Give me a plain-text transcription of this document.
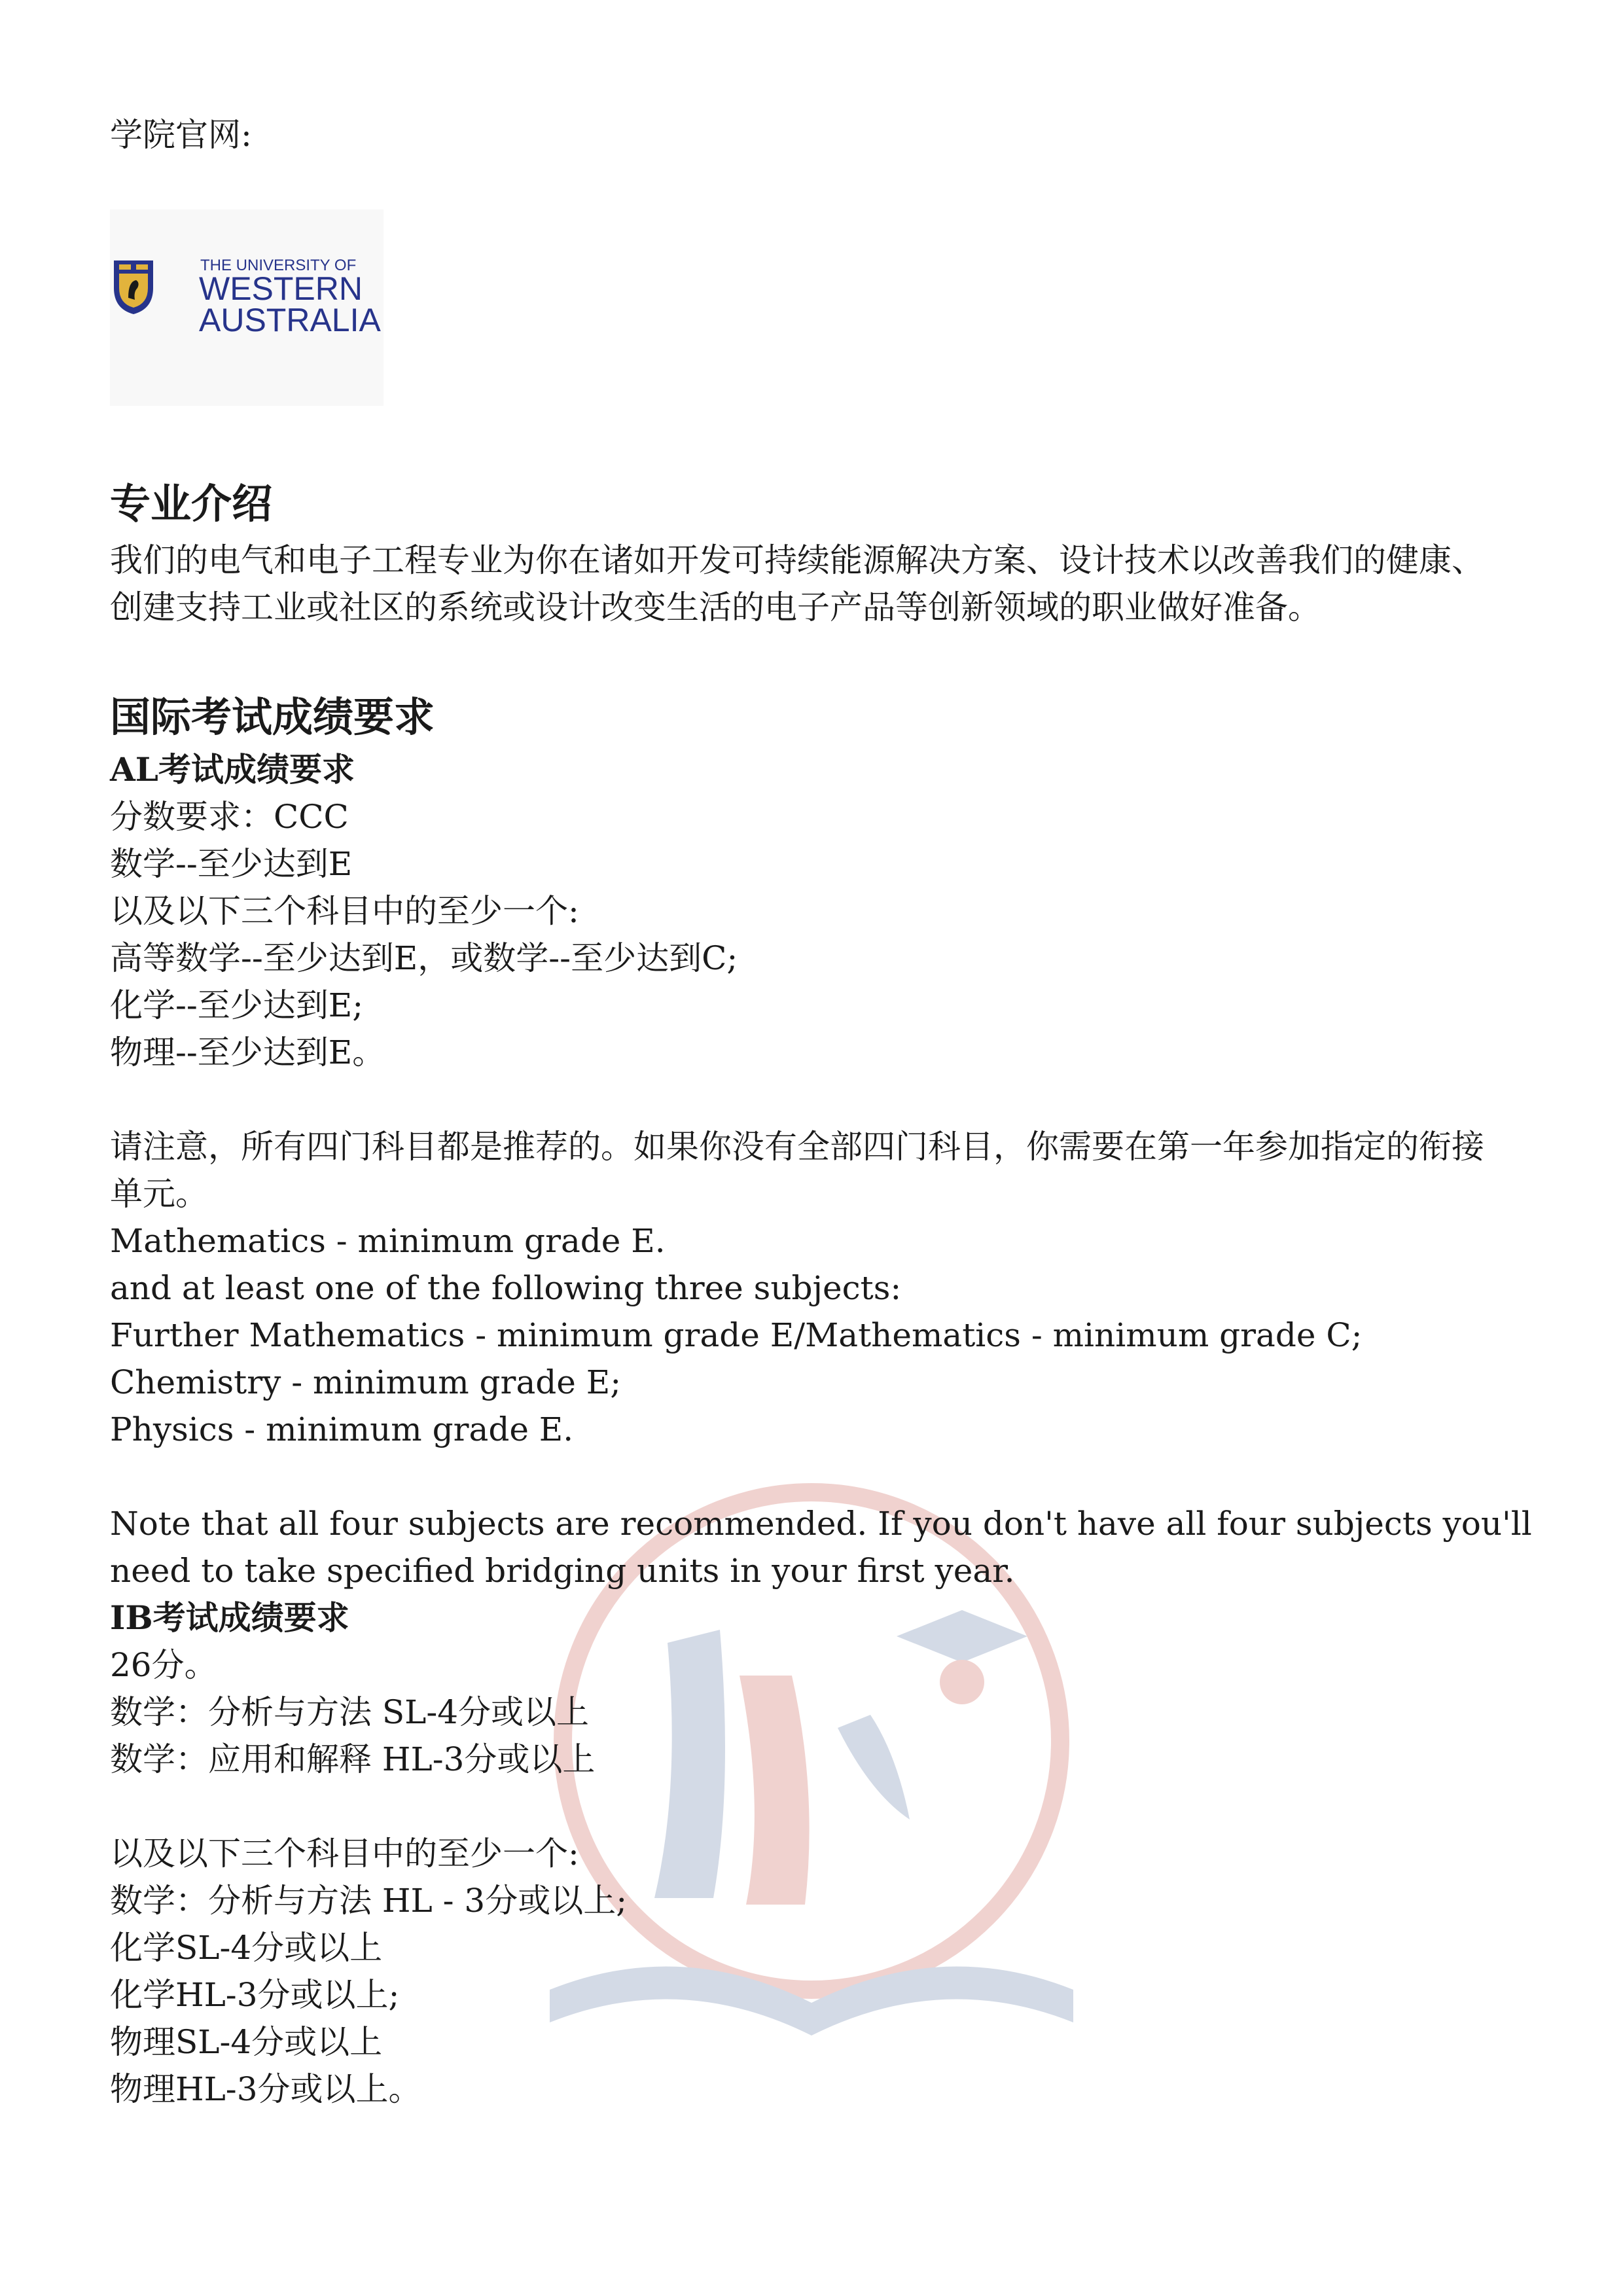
学院官网:
THE UNIVERSITY OF
WESTERN
AUSTRALIA
专业介绍
我们的电气和电子工程专业为你在诸如开发可持续能源解决方案、设计技术以改善我们的健康、
创建支持工业或社区的系统或设计改变生活的电子产品等创新领域的职业做好准备。
国际考试成绩要求
AL考试成绩要求
分数要求：CCC
数学--至少达到E
以及以下三个科目中的至少一个:
高等数学--至少达到E，或数学--至少达到C;
化学--至少达到E;
物理--至少达到E。
请注意，所有四门科目都是推荐的。如果你没有全部四门科目，你需要在第一年参加指定的衔接
单元。
Mathematics - minimum grade E.
and at least one of the following three subjects:
Further Mathematics - minimum grade E/Mathematics - minimum grade C;
Chemistry - minimum grade E;
Physics - minimum grade E.
Note that all four subjects are recommended. If you don't have all four subjects you'll
need to take specified bridging units in your first year.
IB考试成绩要求
26分。
数学：分析与方法 SL-4分或以上
数学：应用和解释 HL-3分或以上
以及以下三个科目中的至少一个:
数学：分析与方法 HL - 3分或以上;
化学SL-4分或以上
化学HL-3分或以上;
物理SL-4分或以上
物理HL-3分或以上。
